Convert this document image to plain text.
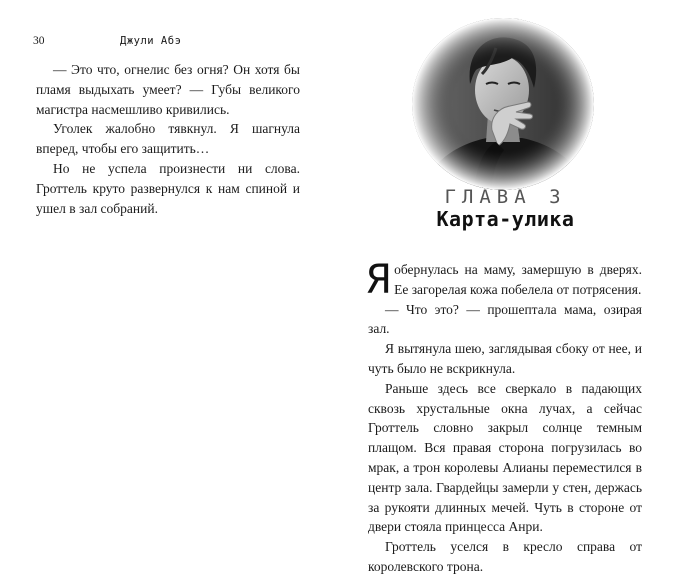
30	Джули Абэ

— Это что, огнелис без огня? Он хотя бы пламя выдыхать умеет? — Губы великого магистра насмешливо кривились.

Уголек жалобно тявкнул. Я шагнула вперед, чтобы его защитить…

Но не успела произнести ни слова. Гроттель круто развернулся к нам спиной и ушел в зал собраний.

ГЛАВА 3
Карта-улика

Яобернулась на маму, замершую в дверях. Ее загорелая кожа побелела от потрясения.

— Что это? — прошептала мама, озирая зал.

Я вытянула шею, заглядывая сбоку от нее, и чуть было не вскрикнула.

Раньше здесь все сверкало в падающих сквозь хрустальные окна лучах, а сейчас Гроттель словно закрыл солнце темным плащом. Вся правая сторона погрузилась во мрак, а трон королевы Алианы переместился в центр зала. Гвардейцы замерли у стен, держась за рукояти длинных мечей. Чуть в стороне от двери стояла принцесса Анри.

Гроттель уселся в кресло справа от королевского трона.
